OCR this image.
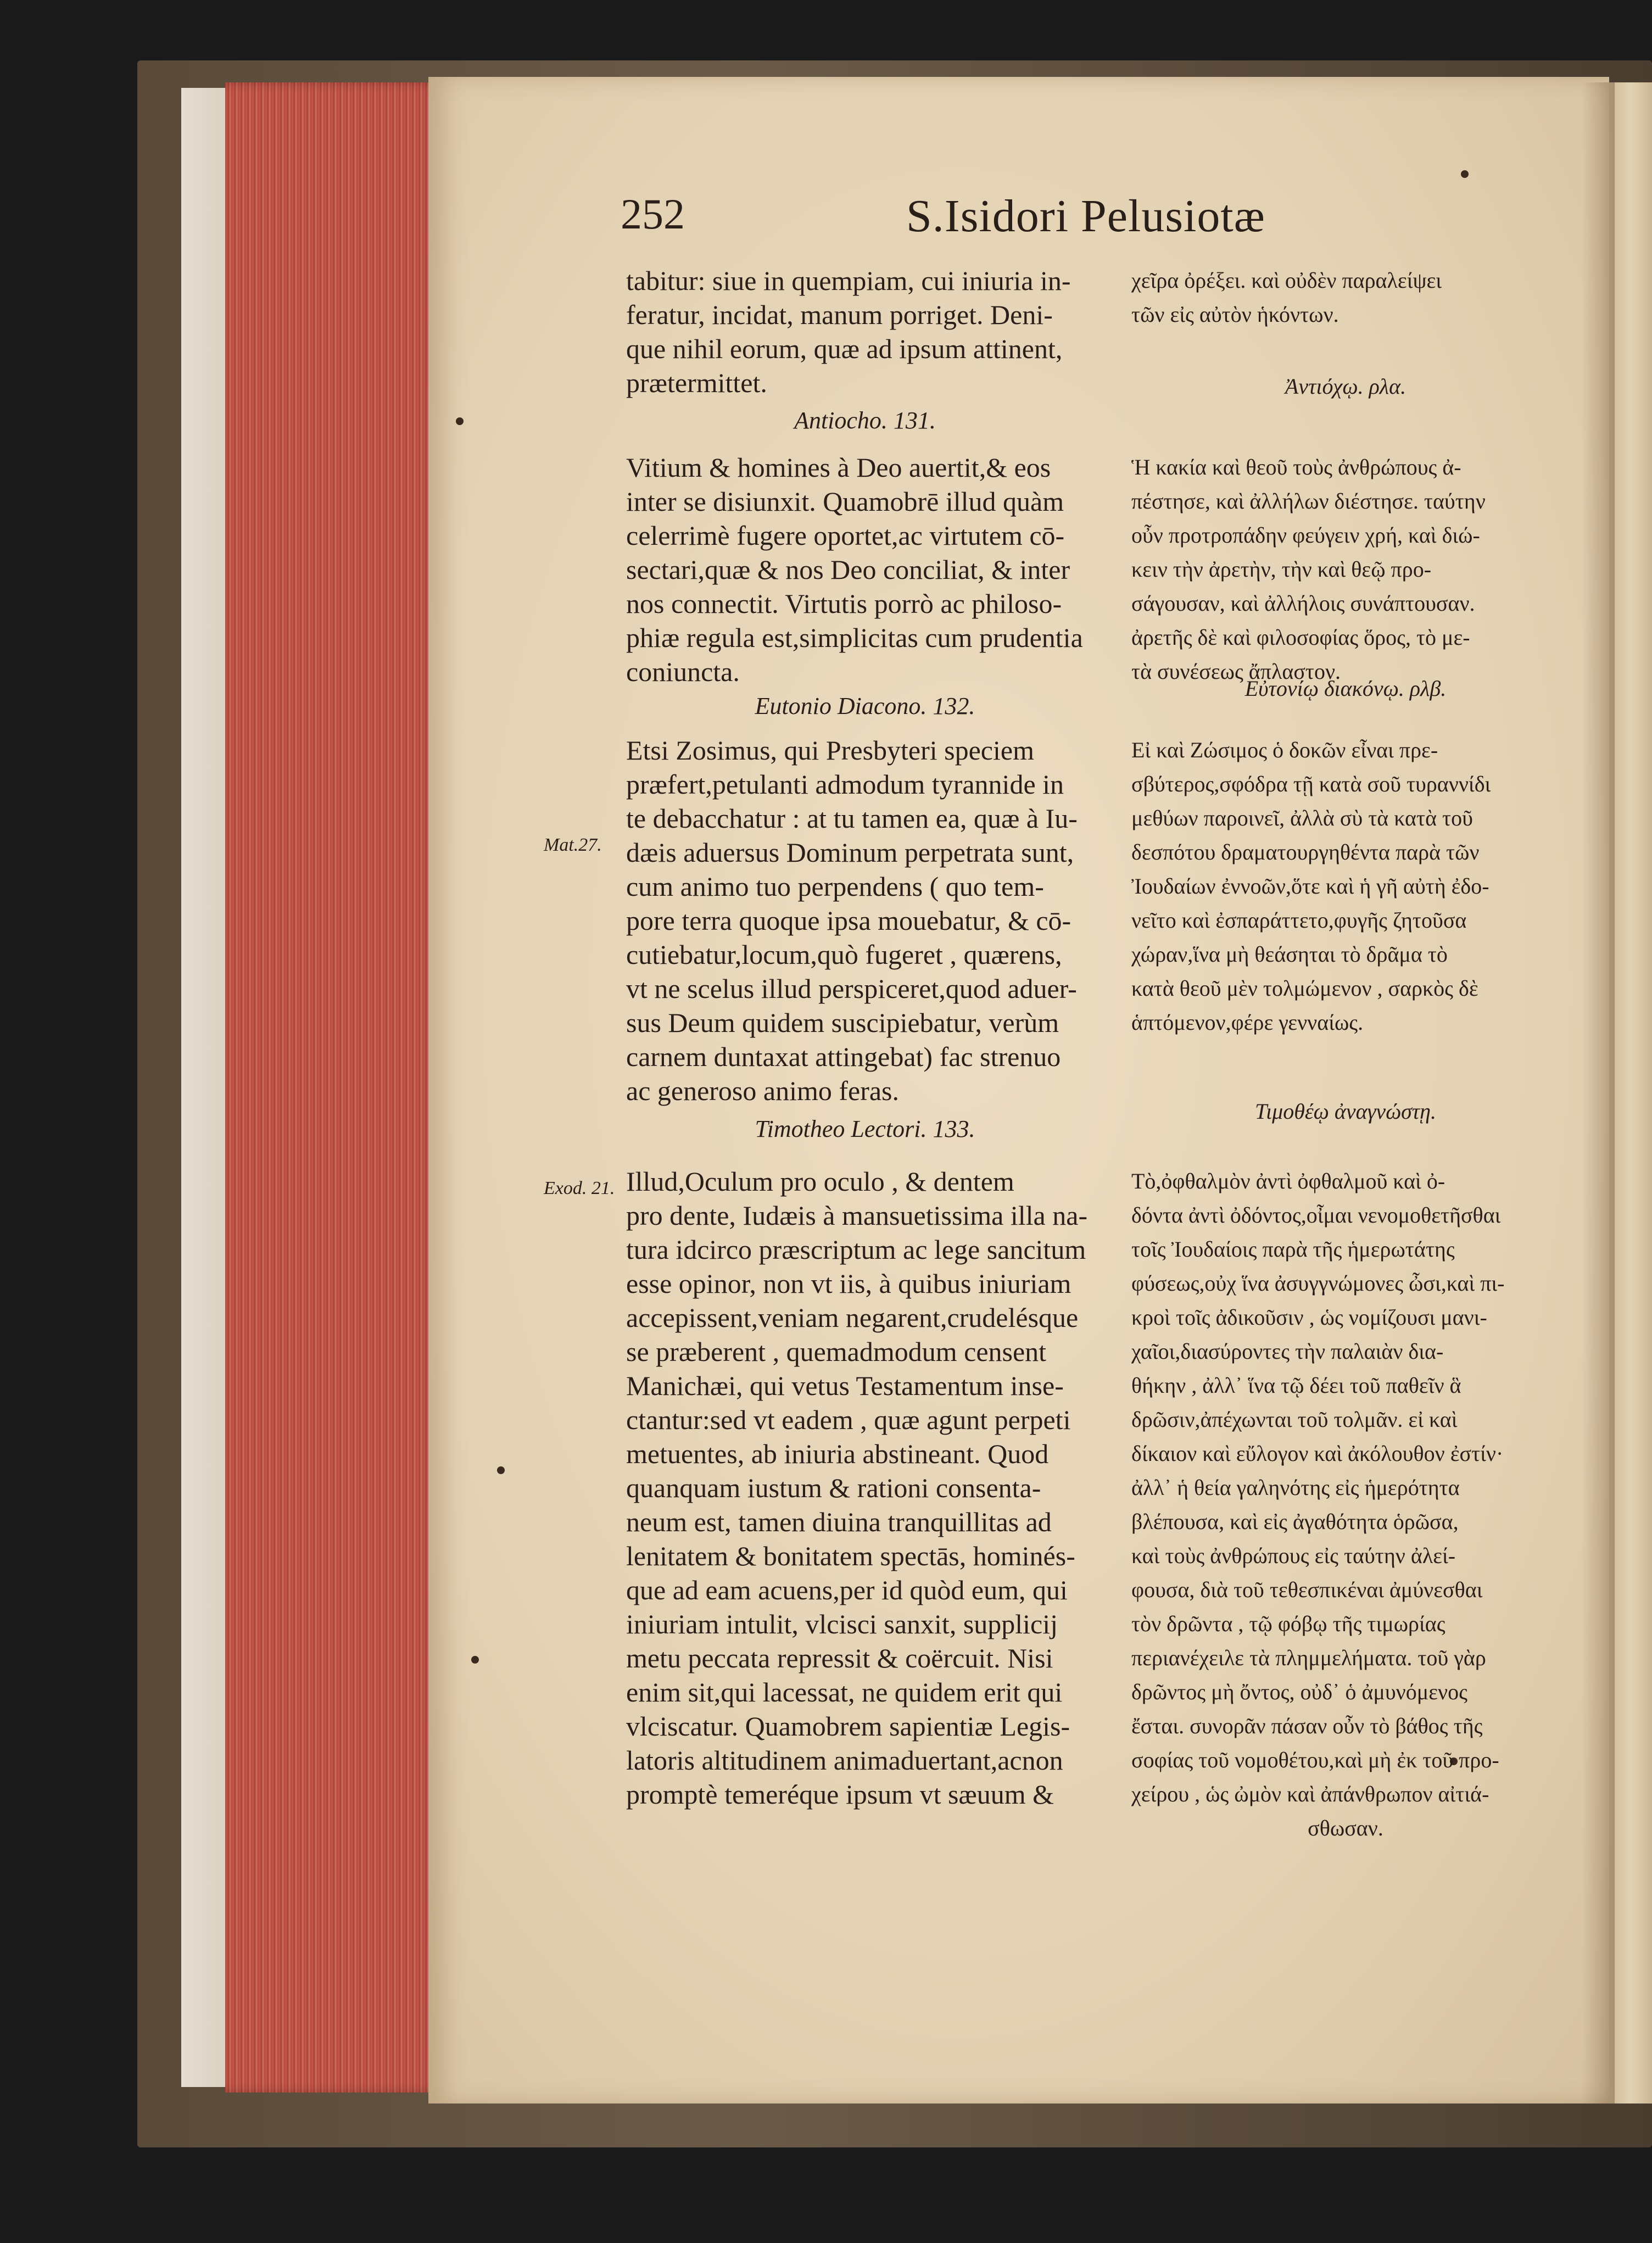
252	S.Isidori Pelusiotæ
tabitur: siue in quempiam, cui iniuria in-
feratur, incidat, manum porriget. Deni-
que nihil eorum, quæ ad ipsum attinent,
prætermittet.
χεῖρα ὀρέξει. καὶ οὐδὲν παραλείψει
τῶν εἰς αὐτὸν ἡκόντων.
Antiocho. 131.
Ἀντιόχῳ. ρλα.
Vitium & homines à Deo auertit,& eos
inter se disiunxit. Quamobrē illud quàm
celerrimè fugere oportet,ac virtutem cō-
sectari,quæ & nos Deo conciliat, & inter
nos connectit. Virtutis porrò ac philoso-
phiæ regula est,simplicitas cum prudentia
coniuncta.
Ἡ κακία καὶ θεοῦ τοὺς ἀνθρώπους ἀ-
πέστησε, καὶ ἀλλήλων διέστησε. ταύτην
οὖν προτροπάδην φεύγειν χρή, καὶ διώ-
κειν τὴν ἀρετὴν, τὴν καὶ θεῷ προ-
σάγουσαν, καὶ ἀλλήλοις συνάπτουσαν.
ἀρετῆς δὲ καὶ φιλοσοφίας ὅρος, τὸ με-
τὰ συνέσεως ἄπλαστον.
Eutonio Diacono. 132.
Εὐτονίῳ διακόνῳ. ρλβ.
Etsi Zosimus, qui Presbyteri speciem
præfert,petulanti admodum tyrannide in
te debacchatur : at tu tamen ea, quæ à Iu-
dæis aduersus Dominum perpetrata sunt,
cum animo tuo perpendens ( quo tem-
pore terra quoque ipsa mouebatur, & cō-
cutiebatur,locum,quò fugeret , quærens,
vt ne scelus illud perspiceret,quod aduer-
sus Deum quidem suscipiebatur, verùm
carnem duntaxat attingebat) fac strenuo
ac generoso animo feras.
Εἰ καὶ Ζώσιμος ὁ δοκῶν εἶναι πρε-
σβύτερος,σφόδρα τῇ κατὰ σοῦ τυραννίδι
μεθύων παροινεῖ, ἀλλὰ σὺ τὰ κατὰ τοῦ
δεσπότου δραματουργηθέντα παρὰ τῶν
Ἰουδαίων ἐννοῶν,ὅτε καὶ ἡ γῆ αὐτὴ ἐδο-
νεῖτο καὶ ἐσπαράττετο,φυγῆς ζητοῦσα
χώραν,ἵνα μὴ θεάσηται τὸ δρᾶμα τὸ
κατὰ θεοῦ μὲν τολμώμενον , σαρκὸς δὲ
ἁπτόμενον,φέρε γενναίως.
Mat.27.
Timotheo Lectori. 133.
Τιμοθέῳ ἀναγνώστῃ.
Illud,Oculum pro oculo , & dentem
pro dente, Iudæis à mansuetissima illa na-
tura idcirco præscriptum ac lege sancitum
esse opinor, non vt iis, à quibus iniuriam
accepissent,veniam negarent,crudelésque
se præberent , quemadmodum censent
Manichæi, qui vetus Testamentum inse-
ctantur:sed vt eadem , quæ agunt perpeti
metuentes, ab iniuria abstineant. Quod
quanquam iustum & rationi consenta-
neum est, tamen diuina tranquillitas ad
lenitatem & bonitatem spectās, hominés-
que ad eam acuens,per id quòd eum, qui
iniuriam intulit, vlcisci sanxit, supplicij
metu peccata repressit & coërcuit. Nisi
enim sit,qui lacessat, ne quidem erit qui
vlciscatur. Quamobrem sapientiæ Legis-
latoris altitudinem animaduertant,acnon
promptè temeréque ipsum vt sæuum &
Τὸ,ὀφθαλμὸν ἀντὶ ὀφθαλμοῦ καὶ ὀ-
δόντα ἀντὶ ὀδόντος,οἶμαι νενομοθετῆσθαι
τοῖς Ἰουδαίοις παρὰ τῆς ἡμερωτάτης
φύσεως,οὐχ ἵνα ἀσυγγνώμονες ὦσι,καὶ πι-
κροὶ τοῖς ἀδικοῦσιν , ὡς νομίζουσι μανι-
χαῖοι,διασύροντες τὴν παλαιὰν δια-
θήκην , ἀλλ᾽ ἵνα τῷ δέει τοῦ παθεῖν ἃ
δρῶσιν,ἀπέχωνται τοῦ τολμᾶν. εἰ καὶ
δίκαιον καὶ εὔλογον καὶ ἀκόλουθον ἐστίν·
ἀλλ᾽ ἡ θεία γαληνότης εἰς ἡμερότητα
βλέπουσα, καὶ εἰς ἀγαθότητα ὁρῶσα,
καὶ τοὺς ἀνθρώπους εἰς ταύτην ἀλεί-
φουσα, διὰ τοῦ τεθεσπικέναι ἀμύνεσθαι
τὸν δρῶντα , τῷ φόβῳ τῆς τιμωρίας
περιανέχειλε τὰ πλημμελήματα. τοῦ γὰρ
δρῶντος μὴ ὄντος, οὐδ᾽ ὁ ἀμυνόμενος
ἔσται. συνορᾶν πάσαν οὖν τὸ βάθος τῆς
σοφίας τοῦ νομοθέτου,καὶ μὴ ἐκ τοῦ προ-
χείρου , ὡς ὠμὸν καὶ ἀπάνθρωπον αἰτιά-
σθωσαν.
Exod. 21.
